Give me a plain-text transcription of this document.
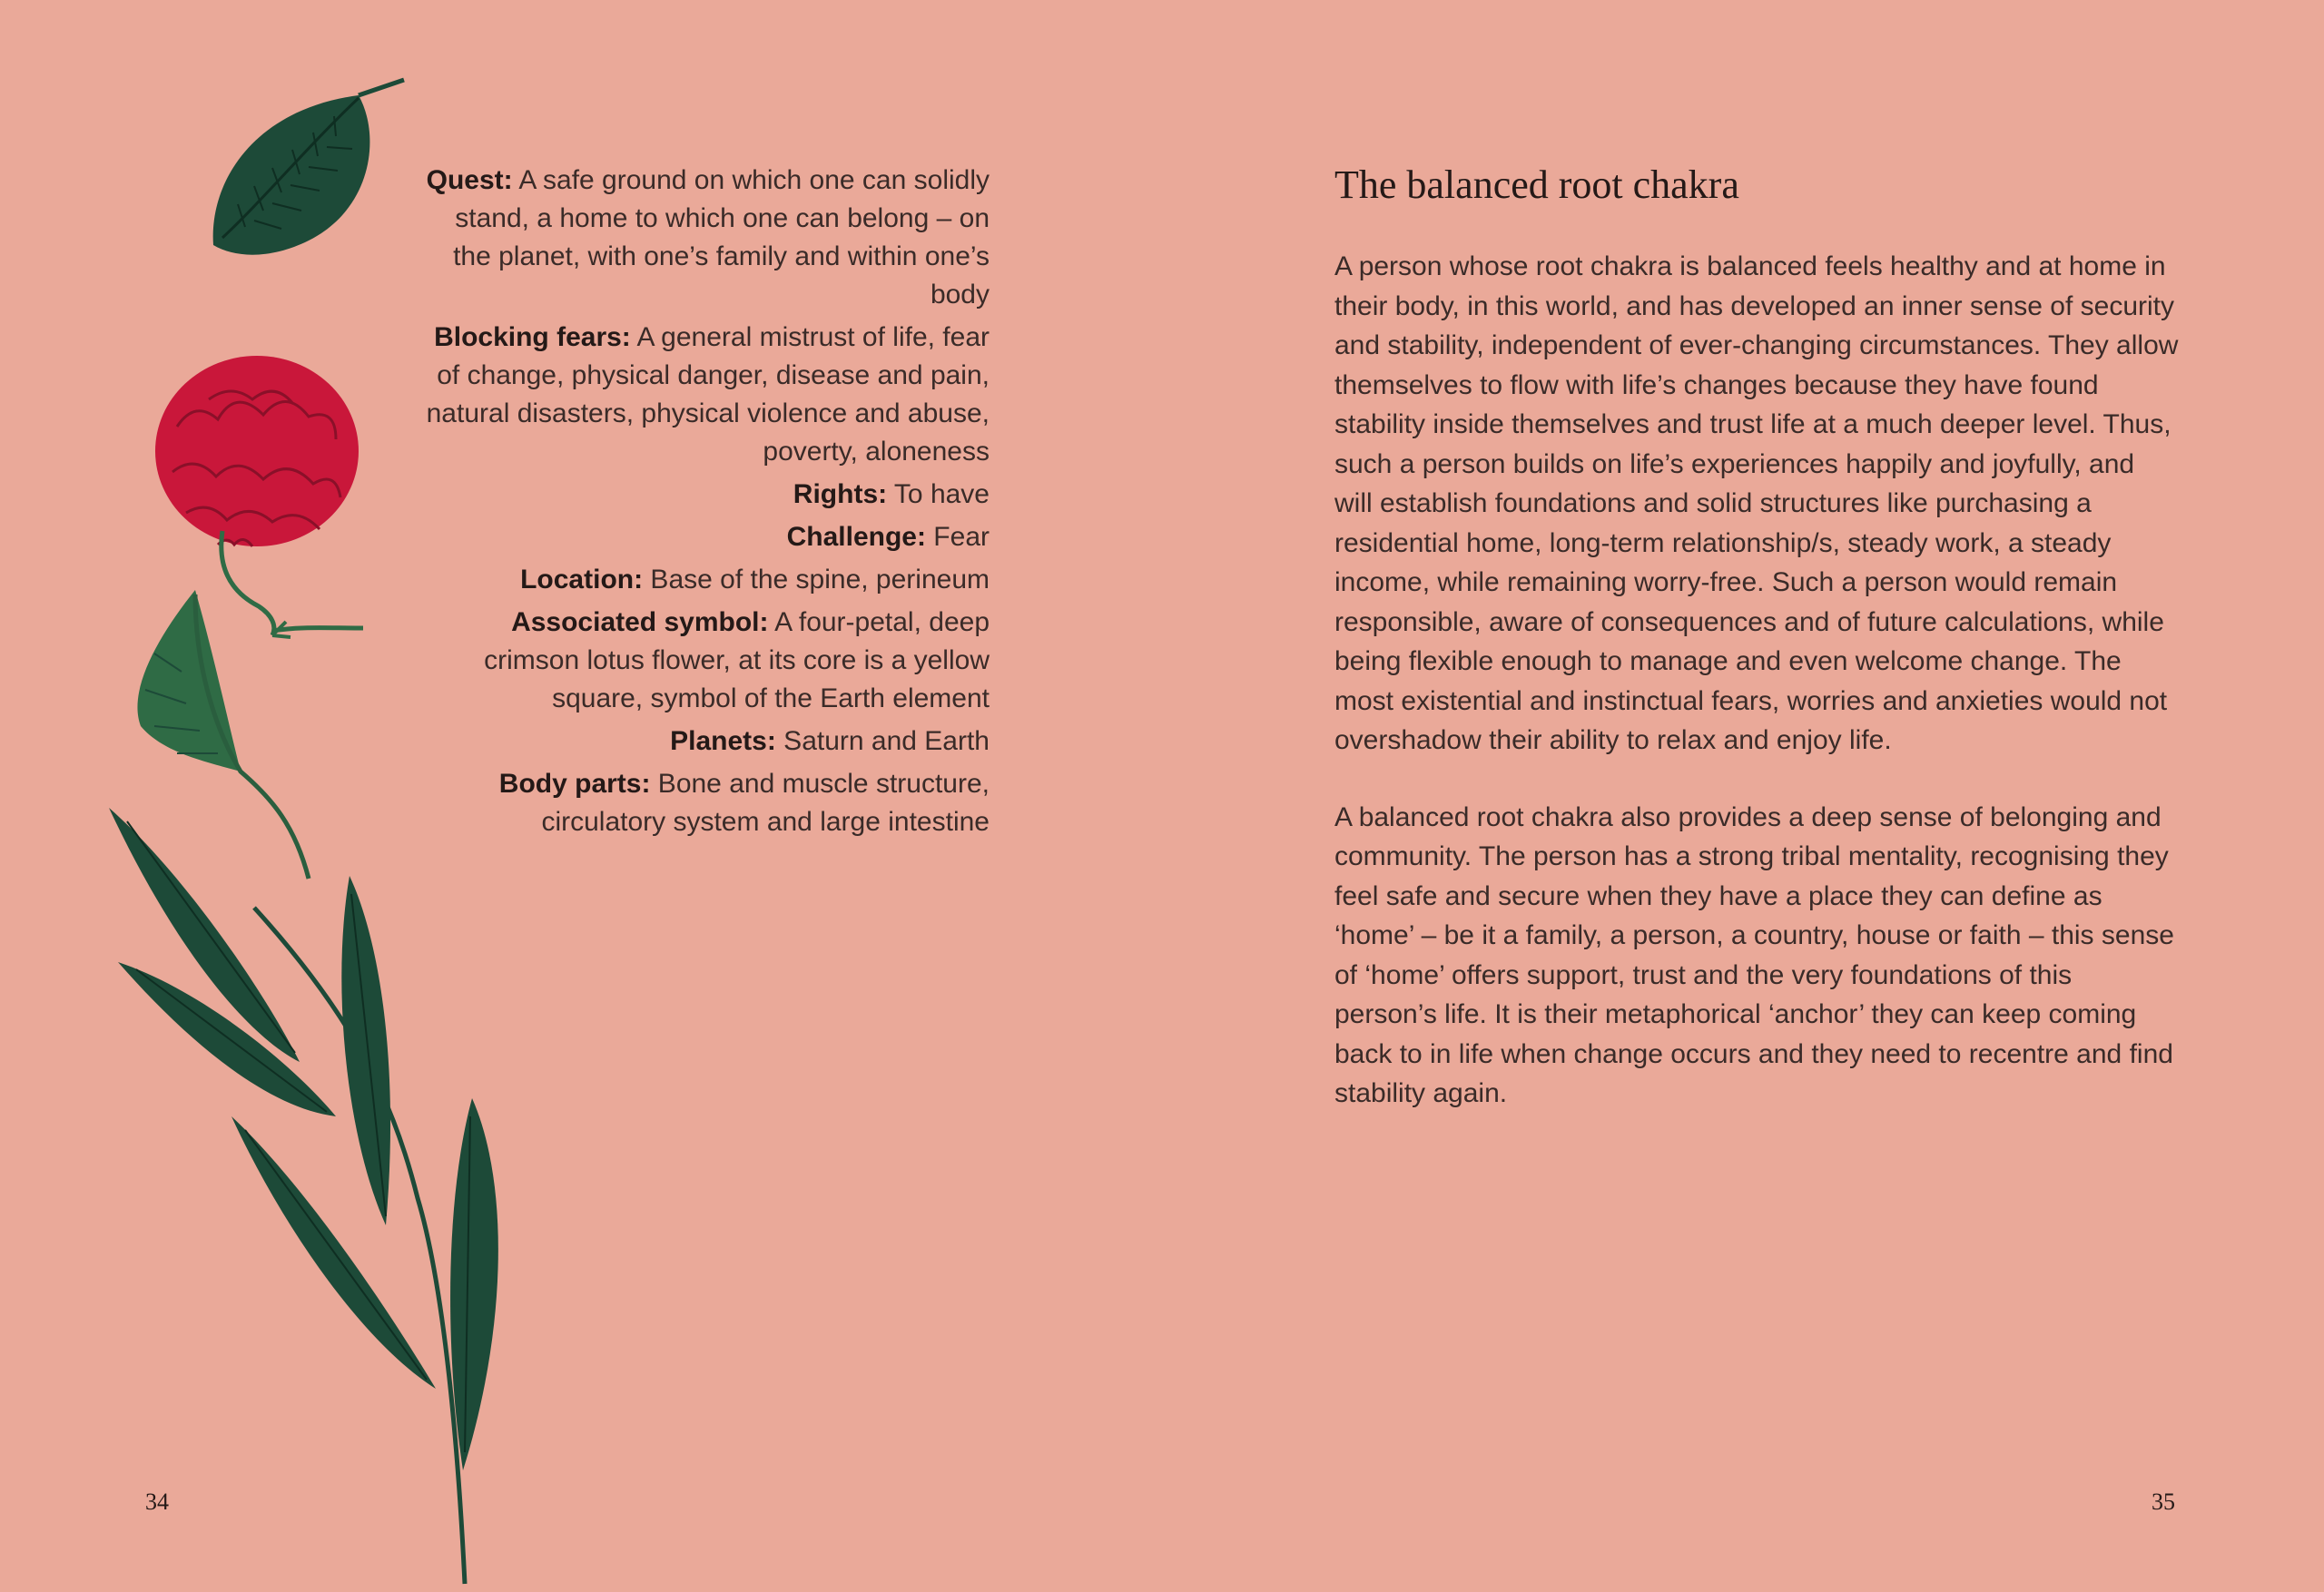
Quest: A safe ground on which one can solidly stand, a home to which one can belong – on the planet, with one’s family and within one’s body
Blocking fears: A general mistrust of life, fear of change, physical danger, disease and pain, natural disasters, physical violence and abuse, poverty, aloneness
Rights: To have
Challenge: Fear
Location: Base of the spine, perineum
Associated symbol: A four-petal, deep crimson lotus flower, at its core is a yellow square, symbol of the Earth element
Planets: Saturn and Earth
Body parts: Bone and muscle structure, circulatory system and large intestine
The balanced root chakra

A person whose root chakra is balanced feels healthy and at home in their body, in this world, and has developed an inner sense of security and stability, independent of ever-changing circumstances. They allow themselves to flow with life’s changes because they have found stability inside themselves and trust life at a much deeper level. Thus, such a person builds on life’s experiences happily and joyfully, and will establish foundations and solid structures like purchasing a residential home, long-term relationship/s, steady work, a steady income, while remaining worry-free. Such a person would remain responsible, aware of consequences and of future calculations, while being flexible enough to manage and even welcome change. The most existential and instinctual fears, worries and anxieties would not overshadow their ability to relax and enjoy life.

A balanced root chakra also provides a deep sense of belonging and community. The person has a strong tribal mentality, recognising they feel safe and secure when they have a place they can define as ‘home’ – be it a family, a person, a country, house or faith – this sense of ‘home’ offers support, trust and the very foundations of this person’s life. It is their metaphorical ‘anchor’ they can keep coming back to in life when change occurs and they need to recentre and find stability again.

34	35
